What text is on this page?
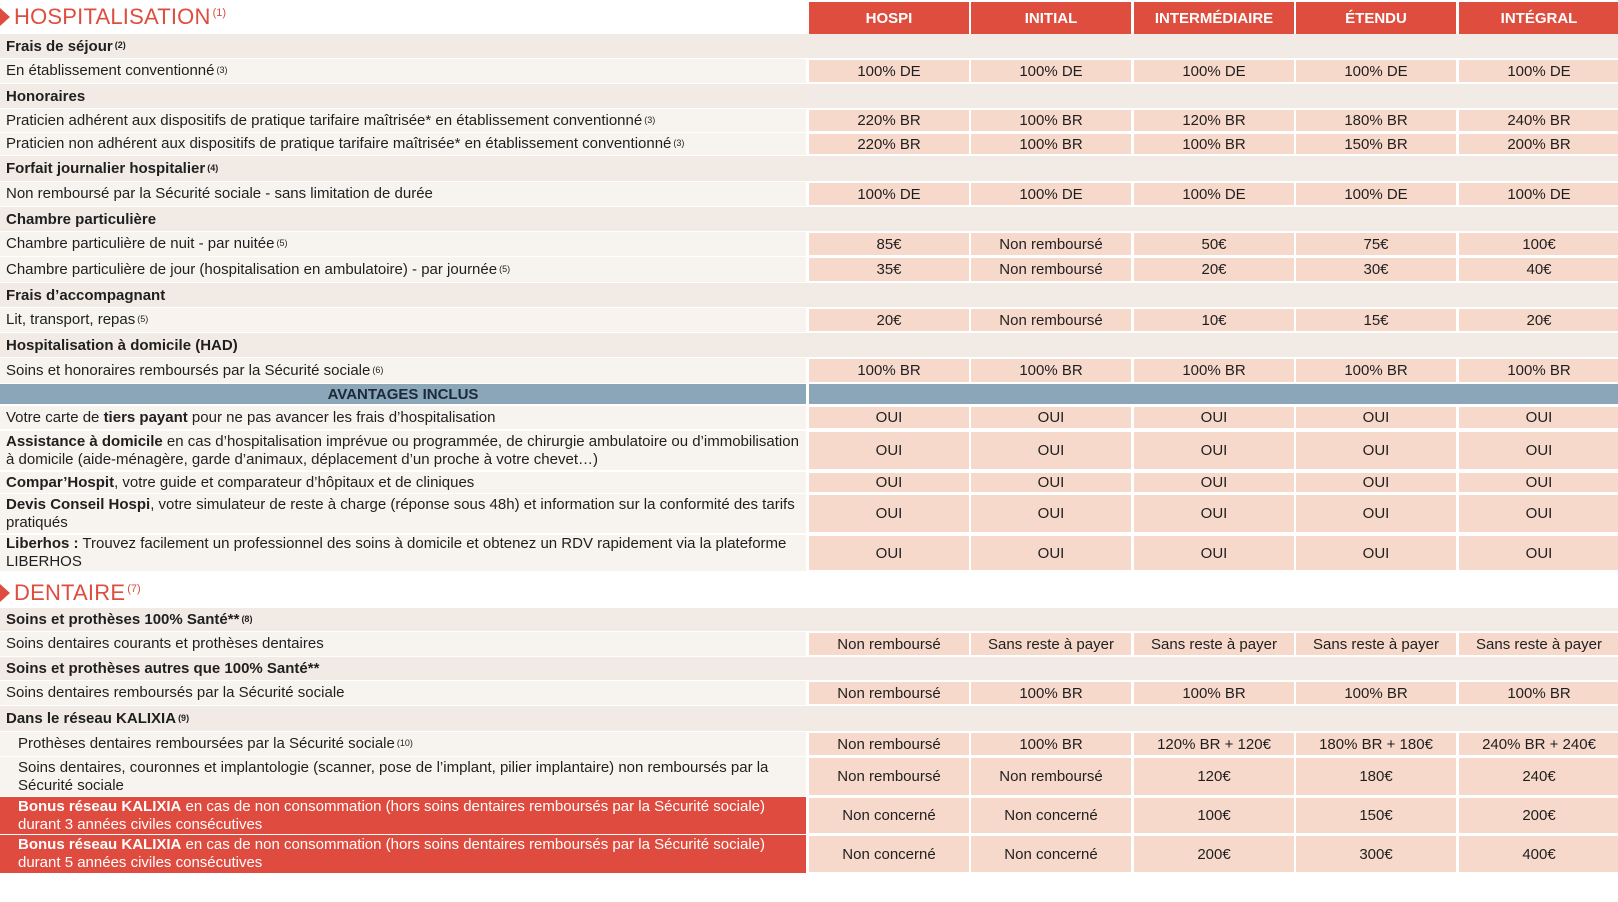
HOSPITALISATION$^{(1)}$	HOSPI	INITIAL	INTERMÉDIAIRE	ÉTENDU	INTÉGRAL
Frais de séjour$^{(2)}$
En établissement conventionné$^{(3)}$	100% DE	100% DE	100% DE	100% DE	100% DE
Honoraires
Praticien adhérent aux dispositifs de pratique tarifaire maîtrisée* en établissement conventionné$^{(3)}$	220% BR	100% BR	120% BR	180% BR	240% BR
Praticien non adhérent aux dispositifs de pratique tarifaire maîtrisée* en établissement conventionné$^{(3)}$	220% BR	100% BR	100% BR	150% BR	200% BR
Forfait journalier hospitalier$^{(4)}$
Non remboursé par la Sécurité sociale - sans limitation de durée	100% DE	100% DE	100% DE	100% DE	100% DE
Chambre particulière
Chambre particulière de nuit - par nuitée$^{(5)}$	85€	Non remboursé	50€	75€	100€
Chambre particulière de jour (hospitalisation en ambulatoire) - par journée$^{(5)}$	35€	Non remboursé	20€	30€	40€
Frais d’accompagnant
Lit, transport, repas$^{(5)}$	20€	Non remboursé	10€	15€	20€
Hospitalisation à domicile (HAD)
Soins et honoraires remboursés par la Sécurité sociale$^{(6)}$	100% BR	100% BR	100% BR	100% BR	100% BR
AVANTAGES INCLUS
Votre carte de tiers payant pour ne pas avancer les frais d’hospitalisation	OUI	OUI	OUI	OUI	OUI
Assistance à domicile en cas d’hospitalisation imprévue ou programmée, de chirurgie ambulatoire ou d’immobilisation à domicile (aide-ménagère, garde d’animaux, déplacement d’un proche à votre chevet…)	OUI	OUI	OUI	OUI	OUI
Compar’Hospit, votre guide et comparateur d’hôpitaux et de cliniques	OUI	OUI	OUI	OUI	OUI
Devis Conseil Hospi, votre simulateur de reste à charge (réponse sous 48h) et information sur la conformité des tarifs pratiqués	OUI	OUI	OUI	OUI	OUI
Liberhos : Trouvez facilement un professionnel des soins à domicile et obtenez un RDV rapidement via la plateforme LIBERHOS	OUI	OUI	OUI	OUI	OUI
DENTAIRE$^{(7)}$
Soins et prothèses 100% Santé**$^{(8)}$
Soins dentaires courants et prothèses dentaires	Non remboursé	Sans reste à payer	Sans reste à payer	Sans reste à payer	Sans reste à payer
Soins et prothèses autres que 100% Santé**
Soins dentaires remboursés par la Sécurité sociale	Non remboursé	100% BR	100% BR	100% BR	100% BR
Dans le réseau KALIXIA$^{(9)}$
Prothèses dentaires remboursées par la Sécurité sociale$^{(10)}$	Non remboursé	100% BR	120% BR + 120€	180% BR + 180€	240% BR + 240€
Soins dentaires, couronnes et implantologie (scanner, pose de l’implant, pilier implantaire) non remboursés par la Sécurité sociale	Non remboursé	Non remboursé	120€	180€	240€
Bonus réseau KALIXIA en cas de non consommation (hors soins dentaires remboursés par la Sécurité sociale) durant 3 années civiles consécutives	Non concerné	Non concerné	100€	150€	200€
Bonus réseau KALIXIA en cas de non consommation (hors soins dentaires remboursés par la Sécurité sociale) durant 5 années civiles consécutives	Non concerné	Non concerné	200€	300€	400€
